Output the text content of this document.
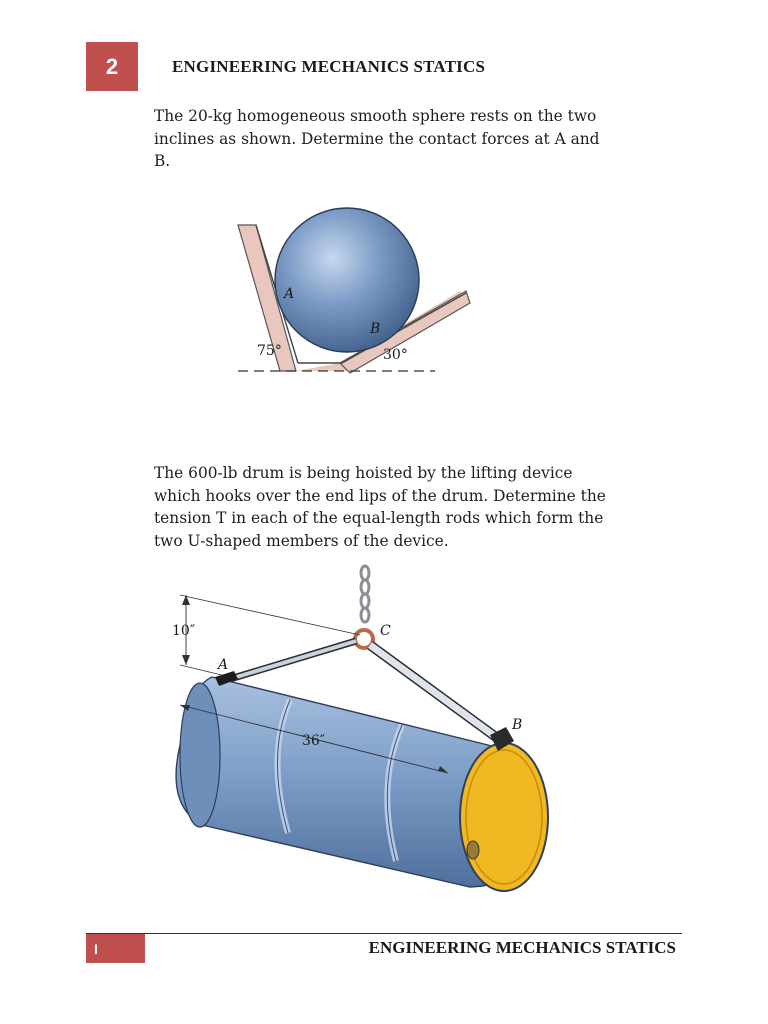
2	ENGINEERING MECHANICS STATICS
The 20-kg homogeneous smooth sphere rests on the two inclines as shown. Determine the contact forces at A and B.
A
B
75°	30°
The 600-lb drum is being hoisted by the lifting device which hooks over the end lips of the drum. Determine the tension T in each of the equal-length rods which form the two U-shaped members of the device.
10″
36″
A
B
C
I	ENGINEERING MECHANICS STATICS
